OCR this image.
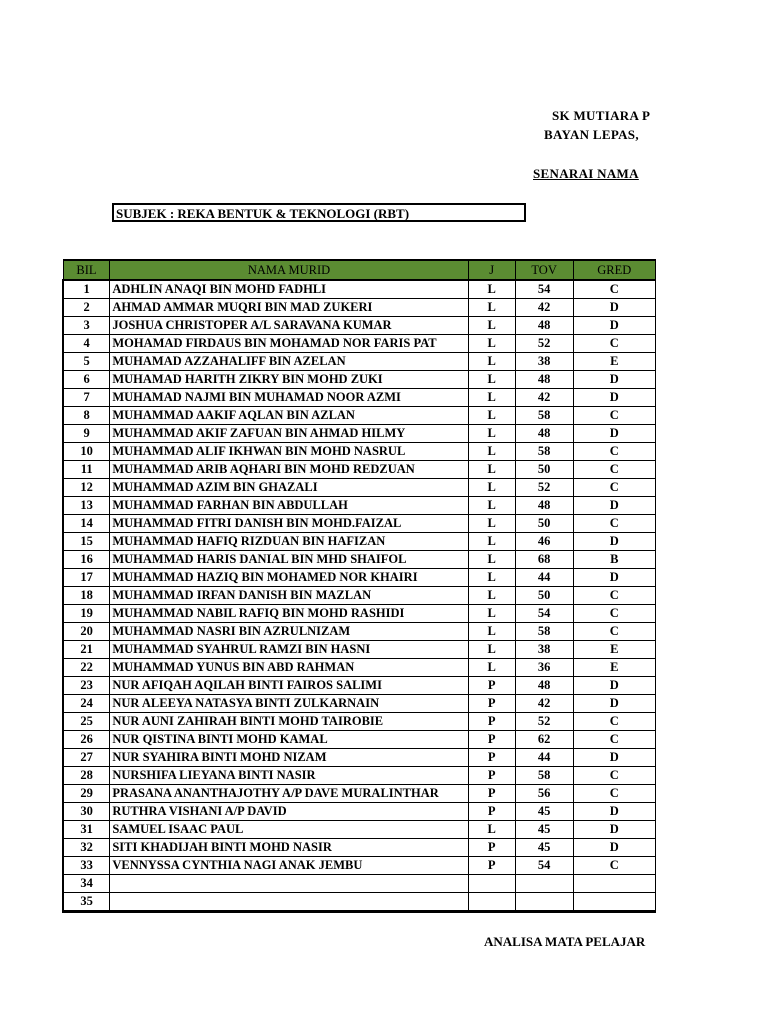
SK MUTIARA P
BAYAN LEPAS,
SENARAI NAMA
SUBJEK : REKA BENTUK & TEKNOLOGI (RBT)
BIL	NAMA MURID	J	TOV	GRED
1	ADHLIN ANAQI BIN MOHD FADHLI	L	54	C
2	AHMAD AMMAR MUQRI BIN MAD ZUKERI	L	42	D
3	JOSHUA CHRISTOPER A/L SARAVANA KUMAR	L	48	D
4	MOHAMAD FIRDAUS BIN MOHAMAD NOR FARIS PAT	L	52	C
5	MUHAMAD AZZAHALIFF BIN AZELAN	L	38	E
6	MUHAMAD HARITH ZIKRY BIN MOHD ZUKI	L	48	D
7	MUHAMAD NAJMI BIN MUHAMAD NOOR AZMI	L	42	D
8	MUHAMMAD AAKIF AQLAN BIN AZLAN	L	58	C
9	MUHAMMAD AKIF ZAFUAN BIN AHMAD HILMY	L	48	D
10	MUHAMMAD ALIF IKHWAN BIN MOHD NASRUL	L	58	C
11	MUHAMMAD ARIB AQHARI BIN MOHD REDZUAN	L	50	C
12	MUHAMMAD AZIM BIN GHAZALI	L	52	C
13	MUHAMMAD FARHAN BIN ABDULLAH	L	48	D
14	MUHAMMAD FITRI DANISH BIN MOHD.FAIZAL	L	50	C
15	MUHAMMAD HAFIQ RIZDUAN BIN HAFIZAN	L	46	D
16	MUHAMMAD HARIS DANIAL BIN MHD SHAIFOL	L	68	B
17	MUHAMMAD HAZIQ BIN MOHAMED NOR KHAIRI	L	44	D
18	MUHAMMAD IRFAN DANISH BIN MAZLAN	L	50	C
19	MUHAMMAD NABIL RAFIQ BIN MOHD RASHIDI	L	54	C
20	MUHAMMAD NASRI BIN AZRULNIZAM	L	58	C
21	MUHAMMAD SYAHRUL RAMZI BIN HASNI	L	38	E
22	MUHAMMAD YUNUS BIN ABD RAHMAN	L	36	E
23	NUR AFIQAH AQILAH BINTI FAIROS SALIMI	P	48	D
24	NUR ALEEYA NATASYA BINTI ZULKARNAIN	P	42	D
25	NUR AUNI ZAHIRAH BINTI MOHD TAIROBIE	P	52	C
26	NUR QISTINA BINTI MOHD KAMAL	P	62	C
27	NUR SYAHIRA BINTI MOHD NIZAM	P	44	D
28	NURSHIFA LIEYANA BINTI NASIR	P	58	C
29	PRASANA ANANTHAJOTHY A/P DAVE MURALINTHAR	P	56	C
30	RUTHRA VISHANI A/P DAVID	P	45	D
31	SAMUEL ISAAC PAUL	L	45	D
32	SITI KHADIJAH BINTI MOHD NASIR	P	45	D
33	VENNYSSA CYNTHIA NAGI ANAK JEMBU	P	54	C
34				
35				
ANALISA MATA PELAJAR
